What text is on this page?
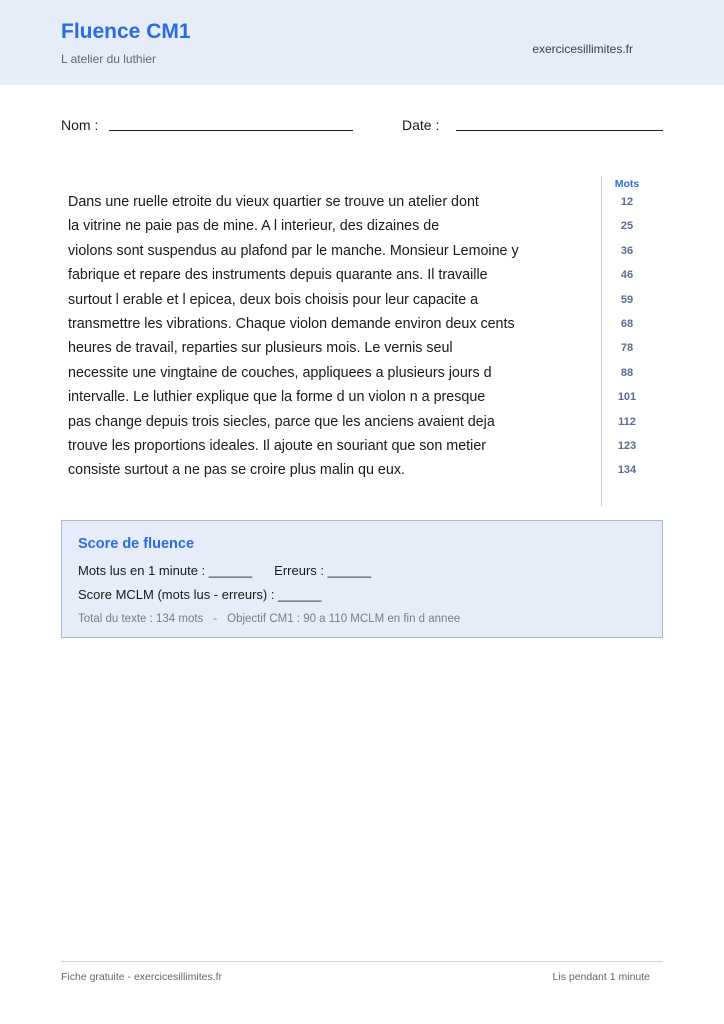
Fluence CM1
L atelier du luthier
exercicesillimites.fr
Nom :	Date :
Dans une ruelle etroite du vieux quartier se trouve un atelier dont
la vitrine ne paie pas de mine. A l interieur, des dizaines de
violons sont suspendus au plafond par le manche. Monsieur Lemoine y
fabrique et repare des instruments depuis quarante ans. Il travaille
surtout l erable et l epicea, deux bois choisis pour leur capacite a
transmettre les vibrations. Chaque violon demande environ deux cents
heures de travail, reparties sur plusieurs mois. Le vernis seul
necessite une vingtaine de couches, appliquees a plusieurs jours d
intervalle. Le luthier explique que la forme d un violon n a presque
pas change depuis trois siecles, parce que les anciens avaient deja
trouve les proportions ideales. Il ajoute en souriant que son metier
consiste surtout a ne pas se croire plus malin qu eux.
Mots
12
25
36
46
59
68
78
88
101
112
123
134
Score de fluence
Mots lus en 1 minute : ______ Erreurs : ______
Score MCLM (mots lus - erreurs) : ______
Total du texte : 134 mots - Objectif CM1 : 90 a 110 MCLM en fin d annee
Fiche gratuite - exercicesillimites.fr	Lis pendant 1 minute
